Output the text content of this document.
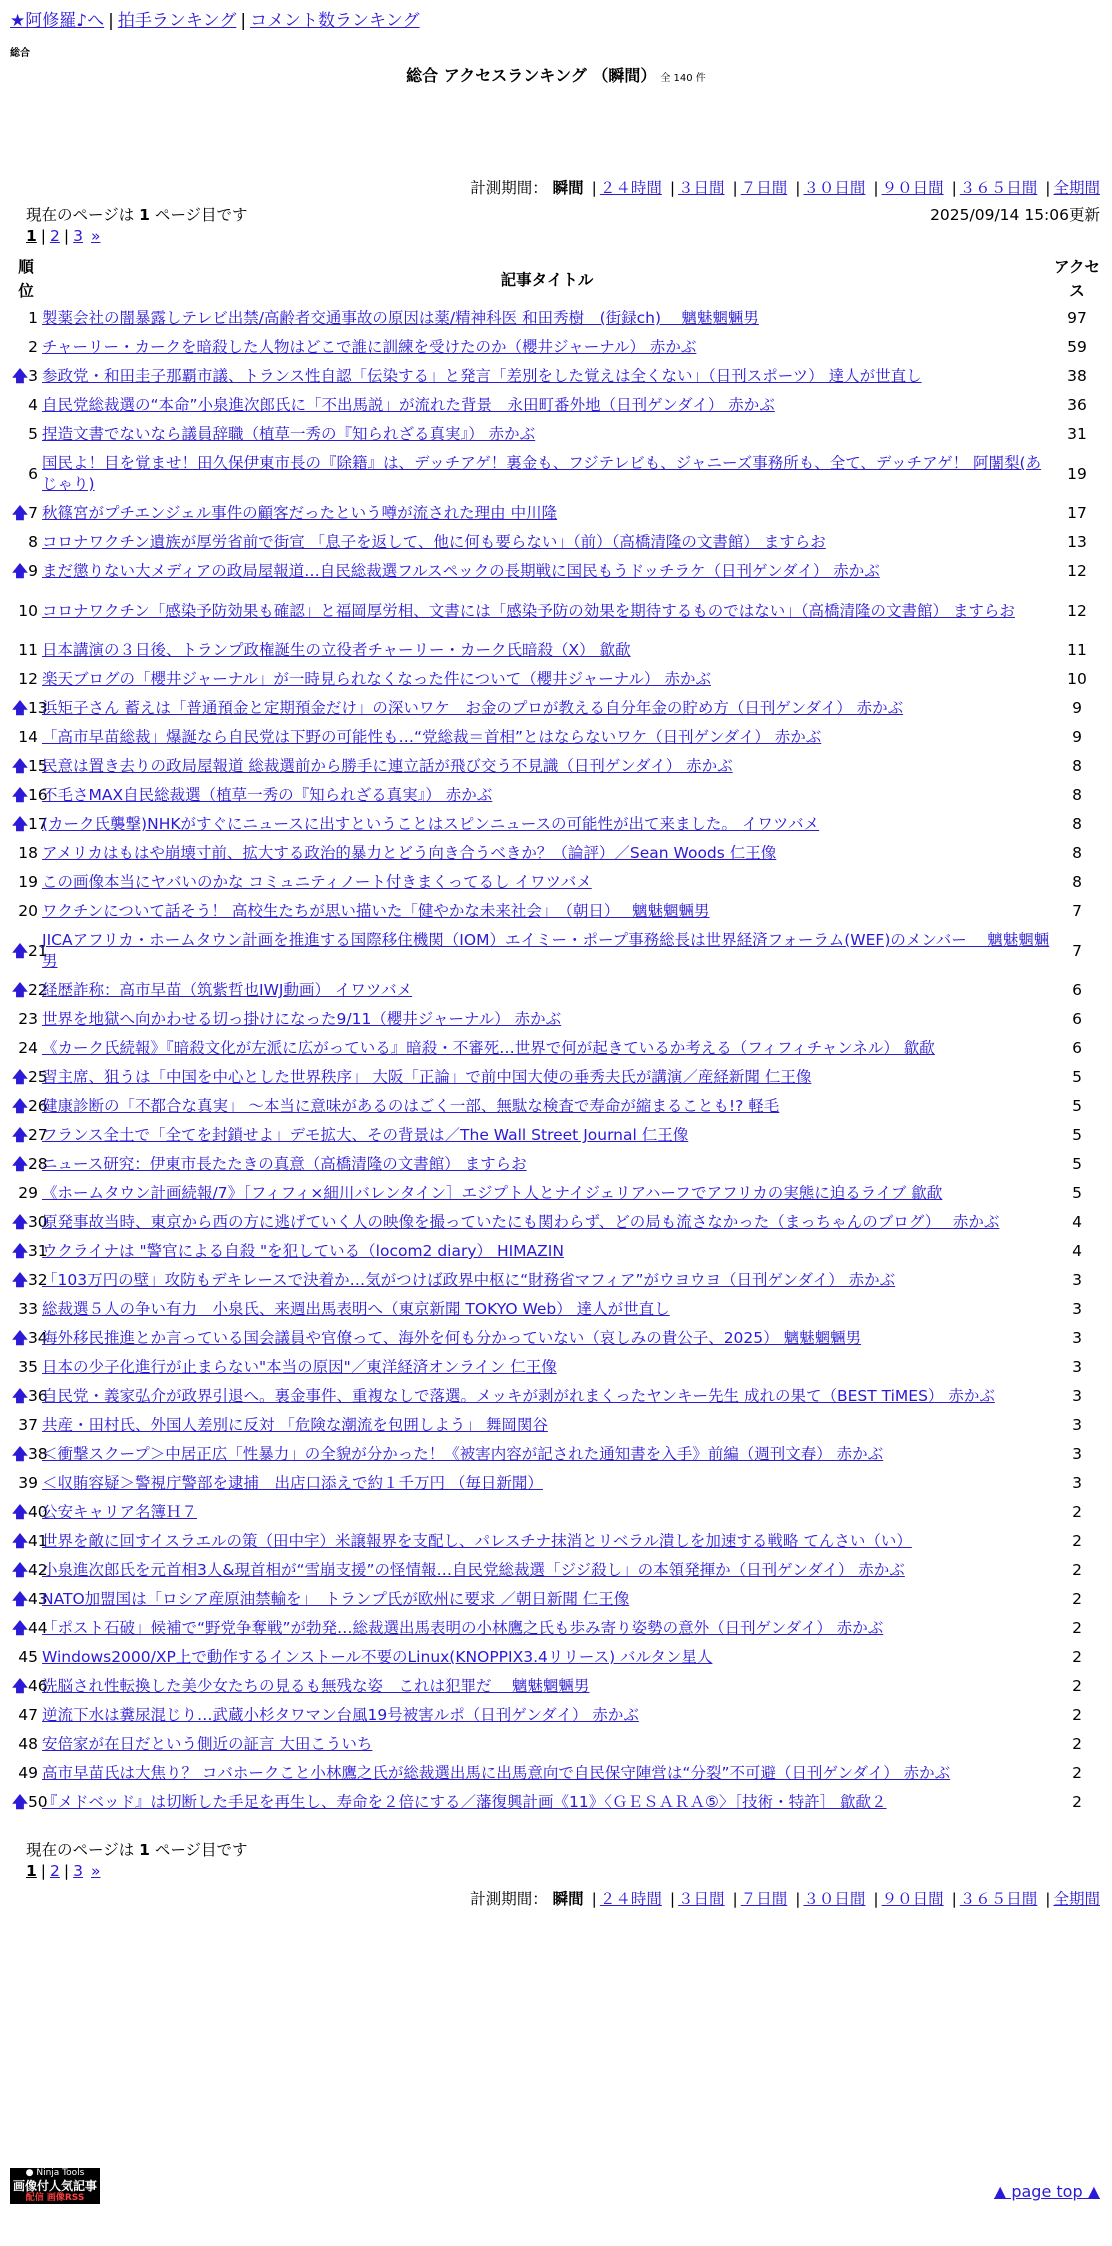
★阿修羅♪へ | 拍手ランキング | コメント数ランキング
総合
総合 アクセスランキング （瞬間） 全 140 件
計測期間： 瞬間 | ２４時間 | ３日間 | ７日間 | ３０日間 | ９０日間 | ３６５日間 | 全期間
現在のページは 1 ページ目です	2025/09/14 15:06更新
1 | 2 | 3 »
順位	記事タイトル	アクセス
1	製薬会社の闇暴露しテレビ出禁/高齢者交通事故の原因は薬/精神科医 和田秀樹　(街録ch)　 魑魅魍魎男	97
2	チャーリー・カークを暗殺した人物はどこで誰に訓練を受けたのか（櫻井ジャーナル） 赤かぶ	59

🡅 3	参政党・和田圭子那覇市議、トランス性自認「伝染する」と発言「差別をした覚えは全くない」（日刊スポーツ） 達人が世直し	38
4	自民党総裁選の“本命”小泉進次郎氏に「不出馬説」が流れた背景　永田町番外地（日刊ゲンダイ） 赤かぶ	36
5	捏造文書でないなら議員辞職（植草一秀の『知られざる真実』） 赤かぶ	31
6	国民よ！目を覚ませ！田久保伊東市長の『除籍』は、デッチアゲ！裏金も、フジテレビも、ジャニーズ事務所も、全て、デッチアゲ！ 阿闍梨(あじゃり)	19

🡅 7	秋篠宮がプチエンジェル事件の顧客だったという噂が流された理由 中川隆	17
8	コロナワクチン遺族が厚労省前で街宣 「息子を返して、他に何も要らない」（前）（高橋清隆の文書館） ますらお	13

🡅 9	まだ懲りない大メディアの政局屋報道…自民総裁選フルスペックの長期戦に国民もうドッチラケ（日刊ゲンダイ） 赤かぶ	12
10	コロナワクチン「感染予防効果も確認」と福岡厚労相、文書には「感染予防の効果を期待するものではない」（高橋清隆の文書館） ますらお	12
11	日本講演の３日後、トランプ政権誕生の立役者チャーリー・カーク氏暗殺（X） 歙歃	11
12	楽天ブログの「櫻井ジャーナル」が一時見られなくなった件について（櫻井ジャーナル） 赤かぶ	10

🡅 13	浜矩子さん 蓄えは「普通預金と定期預金だけ」の深いワケ　お金のプロが教える自分年金の貯め方（日刊ゲンダイ） 赤かぶ	9
14	「高市早苗総裁」爆誕なら自民党は下野の可能性も…“党総裁＝首相”とはならないワケ（日刊ゲンダイ） 赤かぶ	9

🡅 15	民意は置き去りの政局屋報道 総裁選前から勝手に連立話が飛び交う不見識（日刊ゲンダイ） 赤かぶ	8

🡅 16	不毛さMAX自民総裁選（植草一秀の『知られざる真実』） 赤かぶ	8

🡅 17	(カーク氏襲撃)NHKがすぐにニュースに出すということはスピンニュースの可能性が出て来ました。 イワツバメ	8
18	アメリカはもはや崩壊寸前、拡大する政治的暴力とどう向き合うべきか？（論評）／Sean Woods 仁王像	8
19	この画像本当にヤバいのかな コミュニティノート付きまくってるし イワツバメ	8
20	ワクチンについて話そう！ 高校生たちが思い描いた「健やかな未来社会」　（朝日）　 魑魅魍魎男	7

🡅 21	JICAアフリカ・ホームタウン計画を推進する国際移住機関（IOM）エイミー・ポープ事務総長は世界経済フォーラム(WEF)のメンバー　 魑魅魍魎男	7

🡅 22	経歴詐称：高市早苗（筑紫哲也IWJ動画） イワツバメ	6
23	世界を地獄へ向かわせる切っ掛けになった9/11（櫻井ジャーナル） 赤かぶ	6
24	《カーク氏続報》『暗殺文化が左派に広がっている』暗殺・不審死…世界で何が起きているか考える（フィフィチャンネル） 歙歃	6

🡅 25	習主席、狙うは「中国を中心とした世界秩序」 大阪「正論」で前中国大使の垂秀夫氏が講演／産経新聞 仁王像	5

🡅 26	健康診断の「不都合な真実」 〜本当に意味があるのはごく一部、無駄な検査で寿命が縮まることも!? 軽毛	5

🡅 27	フランス全土で「全てを封鎖せよ」デモ拡大、その背景は／The Wall Street Journal 仁王像	5

🡅 28	ニュース研究：伊東市長たたきの真意（高橋清隆の文書館） ますらお	5
29	《ホームタウン計画続報/7》［フィフィ×細川バレンタイン］エジプト人とナイジェリアハーフでアフリカの実態に迫るライブ 歙歃	5

🡅 30	原発事故当時、東京から西の方に逃げていく人の映像を撮っていたにも関わらず、どの局も流さなかった（まっちゃんのブログ）　 赤かぶ	4

🡅 31	ウクライナは "警官による自殺 "を犯している（locom2 diary） HIMAZIN	4

🡅 32	「103万円の壁」攻防もデキレースで決着か…気がつけば政界中枢に“財務省マフィア”がウヨウヨ（日刊ゲンダイ） 赤かぶ	3
33	総裁選５人の争い有力　小泉氏、来週出馬表明へ（東京新聞 TOKYO Web） 達人が世直し	3

🡅 34	海外移民推進とか言っている国会議員や官僚って、海外を何も分かっていない（哀しみの貴公子、2025） 魑魅魍魎男	3
35	日本の少子化進行が止まらない"本当の原因"／東洋経済オンライン 仁王像	3

🡅 36	自民党・義家弘介が政界引退へ。裏金事件、重複なしで落選。メッキが剥がれまくったヤンキー先生 成れの果て（BEST TiMES） 赤かぶ	3
37	共産・田村氏、外国人差別に反対 「危険な潮流を包囲しよう」 舞岡関谷	3

🡅 38	＜衝撃スクープ＞中居正広「性暴力」の全貌が分かった！《被害内容が記された通知書を入手》前編（週刊文春） 赤かぶ	3
39	＜収賄容疑＞警視庁警部を逮捕　出店口添えで約１千万円 （毎日新聞）	3

🡅 40	公安キャリア名簿Ｈ７	2

🡅 41	世界を敵に回すイスラエルの策（田中宇）米譲報界を支配し、パレスチナ抹消とリベラル潰しを加速する戦略 てんさい（い）	2

🡅 42	小泉進次郎氏を元首相3人&現首相が“雪崩支援”の怪情報…自民党総裁選「ジジ殺し」の本領発揮か（日刊ゲンダイ） 赤かぶ	2

🡅 43	NATO加盟国は「ロシア産原油禁輸を」　トランプ氏が欧州に要求 ／朝日新聞 仁王像	2

🡅 44	「ポスト石破」候補で“野党争奪戦”が勃発…総裁選出馬表明の小林鷹之氏も歩み寄り姿勢の意外（日刊ゲンダイ） 赤かぶ	2
45	Windows2000/XP上で動作するインストール不要のLinux(KNOPPIX3.4リリース) バルタン星人	2

🡅 46	洗脳され性転換した美少女たちの見るも無残な姿　これは犯罪だ　 魑魅魍魎男	2
47	逆流下水は糞尿混じり…武蔵小杉タワマン台風19号被害ルポ（日刊ゲンダイ） 赤かぶ	2
48	安倍家が在日だという側近の証言 大田こういち	2
49	高市早苗氏は大焦り？ コバホークこと小林鷹之氏が総裁選出馬に出馬意向で自民保守陣営は“分裂”不可避（日刊ゲンダイ） 赤かぶ	2

🡅 50	『メドベッド』は切断した手足を再生し、寿命を２倍にする／藩復興計画《11》〈ＧＥＳＡＲＡ⑤〉［技術・特許］ 歙歃２	2
現在のページは 1 ページ目です
1 | 2 | 3 »
計測期間： 瞬間 | ２４時間 | ３日間 | ７日間 | ３０日間 | ９０日間 | ３６５日間 | 全期間
● Ninja Tools
画像付人気記事
配信 画像RSS	▲ page top ▲
